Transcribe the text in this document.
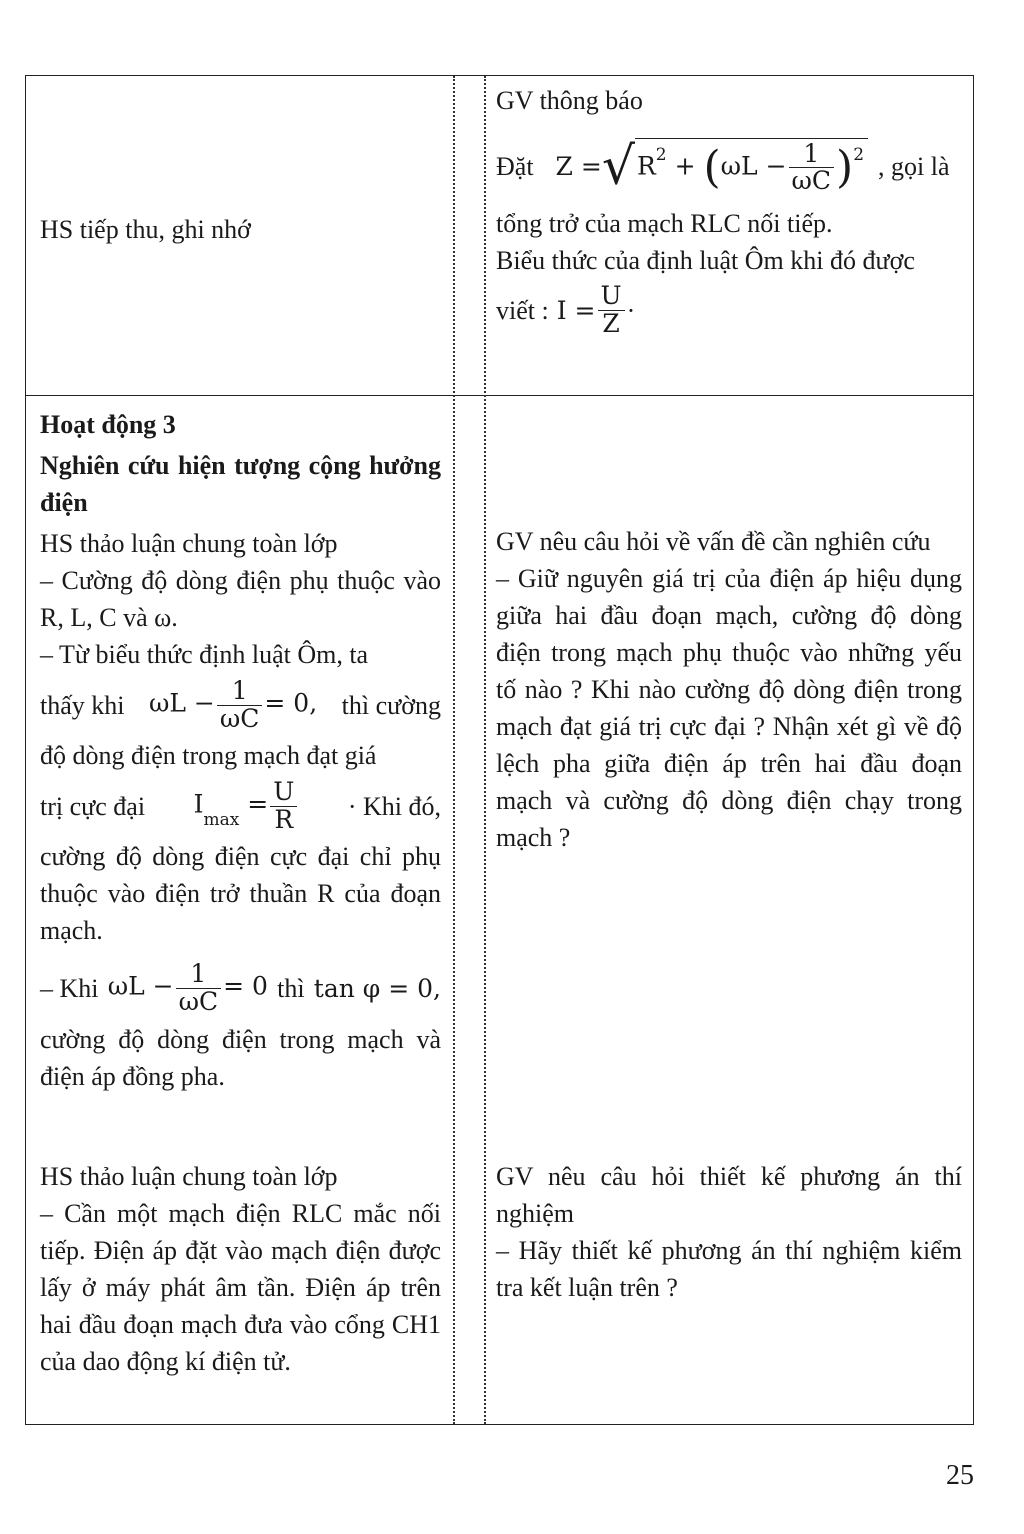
HS tiếp thu, ghi nhớ
GV thông báo
Đặt $Z = √R^2 + (\omega L - \frac{1}{\omega C} )^2$ , gọi là
tổng trở của mạch RLC nối tiếp.
Biểu thức của định luật Ôm khi đó được
viết : $I = \frac{U}{Z}$ ·
Hoạt động 3
Nghiên cứu hiện tượng cộng hưởng điện
HS thảo luận chung toàn lớp
– Cường độ dòng điện phụ thuộc vào R, L, C và ω.
– Từ biểu thức định luật Ôm, ta
thấy khi $\omega L - \frac{1}{\omega C} = 0$, thì cường
độ dòng điện trong mạch đạt giá
trị cực đại $I_{max} = \frac{U}{R}$ · Khi đó,
cường độ dòng điện cực đại chỉ phụ thuộc vào điện trở thuần R của đoạn mạch.
– Khi $\omega L - \frac{1}{\omega C} = 0$ thì tan φ = 0,
cường độ dòng điện trong mạch và điện áp đồng pha.
HS thảo luận chung toàn lớp
– Cần một mạch điện RLC mắc nối tiếp. Điện áp đặt vào mạch điện được lấy ở máy phát âm tần. Điện áp trên hai đầu đoạn mạch đưa vào cổng CH1 của dao động kí điện tử.
GV nêu câu hỏi về vấn đề cần nghiên cứu
– Giữ nguyên giá trị của điện áp hiệu dụng giữa hai đầu đoạn mạch, cường độ dòng điện trong mạch phụ thuộc vào những yếu tố nào ? Khi nào cường độ dòng điện trong mạch đạt giá trị cực đại ? Nhận xét gì về độ lệch pha giữa điện áp trên hai đầu đoạn mạch và cường độ dòng điện chạy trong mạch ?
GV nêu câu hỏi thiết kế phương án thí nghiệm
– Hãy thiết kế phương án thí nghiệm kiểm tra kết luận trên ?
25
